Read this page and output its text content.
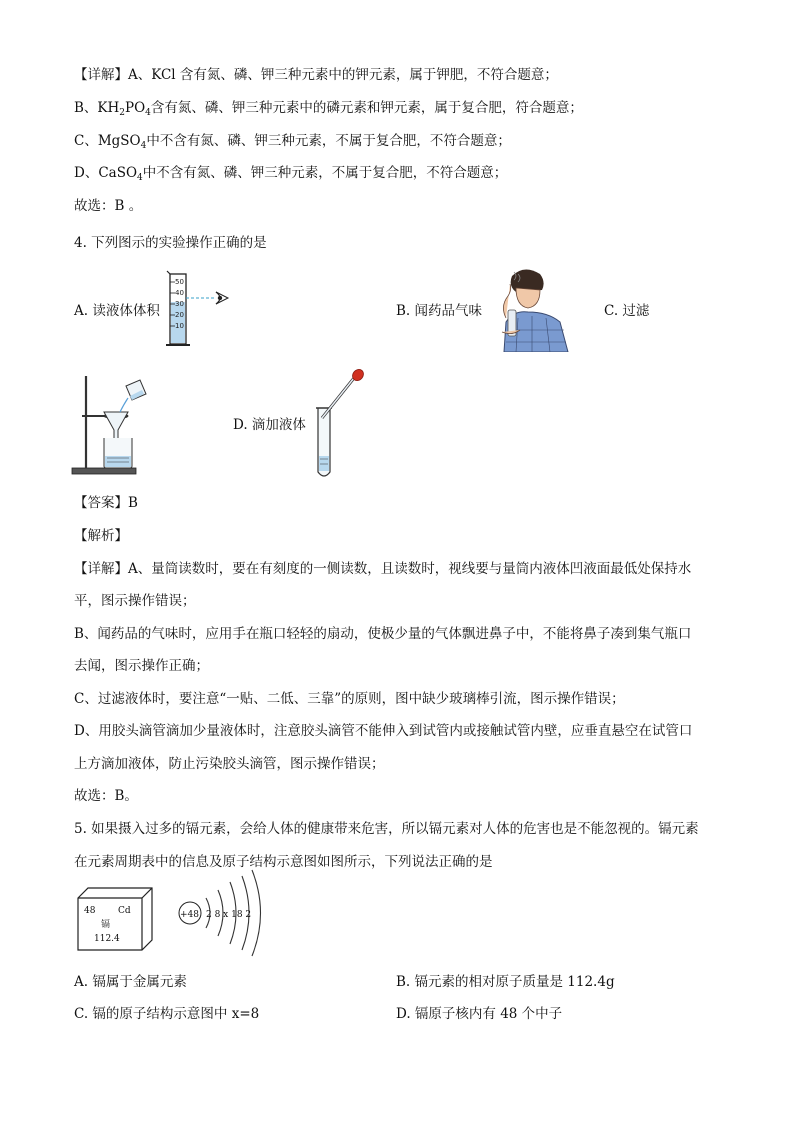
【详解】A、KCl 含有氮、磷、钾三种元素中的钾元素，属于钾肥，不符合题意；
B、$KH_2PO_4$含有氮、磷、钾三种元素中的磷元素和钾元素，属于复合肥，符合题意；
C、MgSO$_4$中不含有氮、磷、钾三种元素，不属于复合肥，不符合题意；
D、CaSO$_4$中不含有氮、磷、钾三种元素，不属于复合肥，不符合题意；
故选：B 。
4. 下列图示的实验操作正确的是
A. 读液体体积
50
40
30
20
10
B. 闻药品气味	C. 过滤
D. 滴加液体
【答案】B
【解析】
【详解】A、量筒读数时，要在有刻度的一侧读数，且读数时，视线要与量筒内液体凹液面最低处保持水
平，图示操作错误；
B、闻药品的气味时，应用手在瓶口轻轻的扇动，使极少量的气体飘进鼻子中，不能将鼻子凑到集气瓶口
去闻，图示操作正确；
C、过滤液体时，要注意“一贴、二低、三靠”的原则，图中缺少玻璃棒引流，图示操作错误；
D、用胶头滴管滴加少量液体时，注意胶头滴管不能伸入到试管内或接触试管内壁，应垂直悬空在试管口
上方滴加液体，防止污染胶头滴管，图示操作错误；
故选：B。
5. 如果摄入过多的镉元素，会给人体的健康带来危害，所以镉元素对人体的危害也是不能忽视的。镉元素
在元素周期表中的信息及原子结构示意图如图所示，下列说法正确的是
48	Cd
镉
112.4
+48 2 8 x 18 2
A. 镉属于金属元素	B. 镉元素的相对原子质量是 112.4g
C. 镉的原子结构示意图中 x=8	D. 镉原子核内有 48 个中子
